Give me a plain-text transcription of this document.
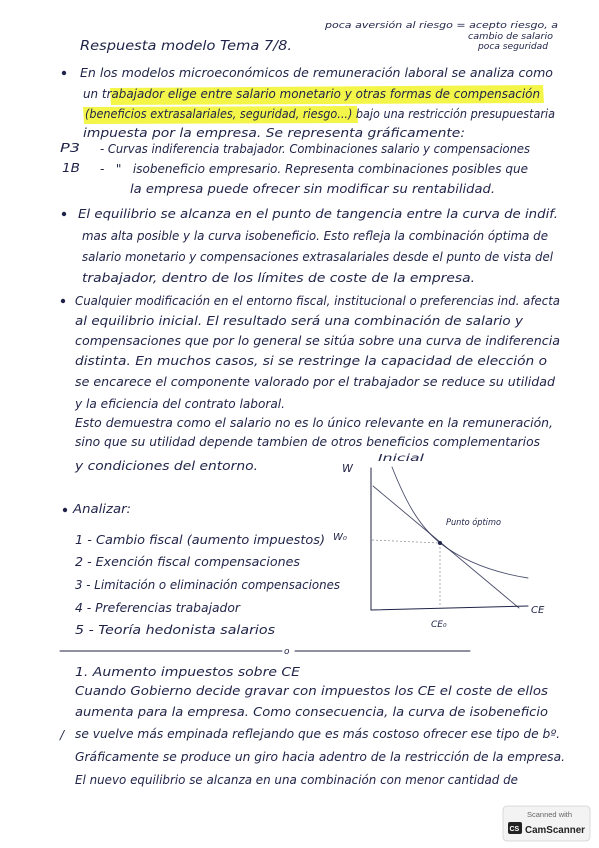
poca aversión al riesgo = acepto riesgo, a
cambio de salario
poca seguridad
Respuesta modelo Tema 7/8.
En los modelos microeconómicos de remuneración laboral se analiza como
un trabajador elige entre salario monetario y otras formas de compensación
(beneficios extrasalariales, seguridad, riesgo...) bajo una restricción presupuestaria
impuesta por la empresa. Se representa gráficamente:
P3 - Curvas indiferencia trabajador. Combinaciones salario y compensaciones
1B -   "   isobeneficio empresario. Representa combinaciones posibles que
la empresa puede ofrecer sin modificar su rentabilidad.
El equilibrio se alcanza en el punto de tangencia entre la curva de indif.
mas alta posible y la curva isobeneficio. Esto refleja la combinación óptima de
salario monetario y compensaciones extrasalariales desde el punto de vista del
trabajador, dentro de los límites de coste de la empresa.
Cualquier modificación en el entorno fiscal, institucional o preferencias ind. afecta
al equilibrio inicial. El resultado será una combinación de salario y
compensaciones que por lo general se sitúa sobre una curva de indiferencia
distinta. En muchos casos, si se restringe la capacidad de elección o
se encarece el componente valorado por el trabajador se reduce su utilidad
y la eficiencia del contrato laboral.
Esto demuestra como el salario no es lo único relevante en la remuneración,
sino que su utilidad depende tambien de otros beneficios complementarios
y condiciones del entorno.
Inicial
W
W₀
Punto óptimo
CE₀
CE
Analizar:
1 - Cambio fiscal (aumento impuestos)
2 - Exención fiscal compensaciones
3 - Limitación o eliminación compensaciones
4 - Preferencias trabajador
5 - Teoría hedonista salarios
o
1. Aumento impuestos sobre CE
Cuando Gobierno decide gravar con impuestos los CE el coste de ellos
aumenta para la empresa. Como consecuencia, la curva de isobeneficio
/ se vuelve más empinada reflejando que es más costoso ofrecer ese tipo de bº.
Gráficamente se produce un giro hacia adentro de la restricción de la empresa.
El nuevo equilibrio se alcanza en una combinación con menor cantidad de
Scanned with
CS CamScanner
